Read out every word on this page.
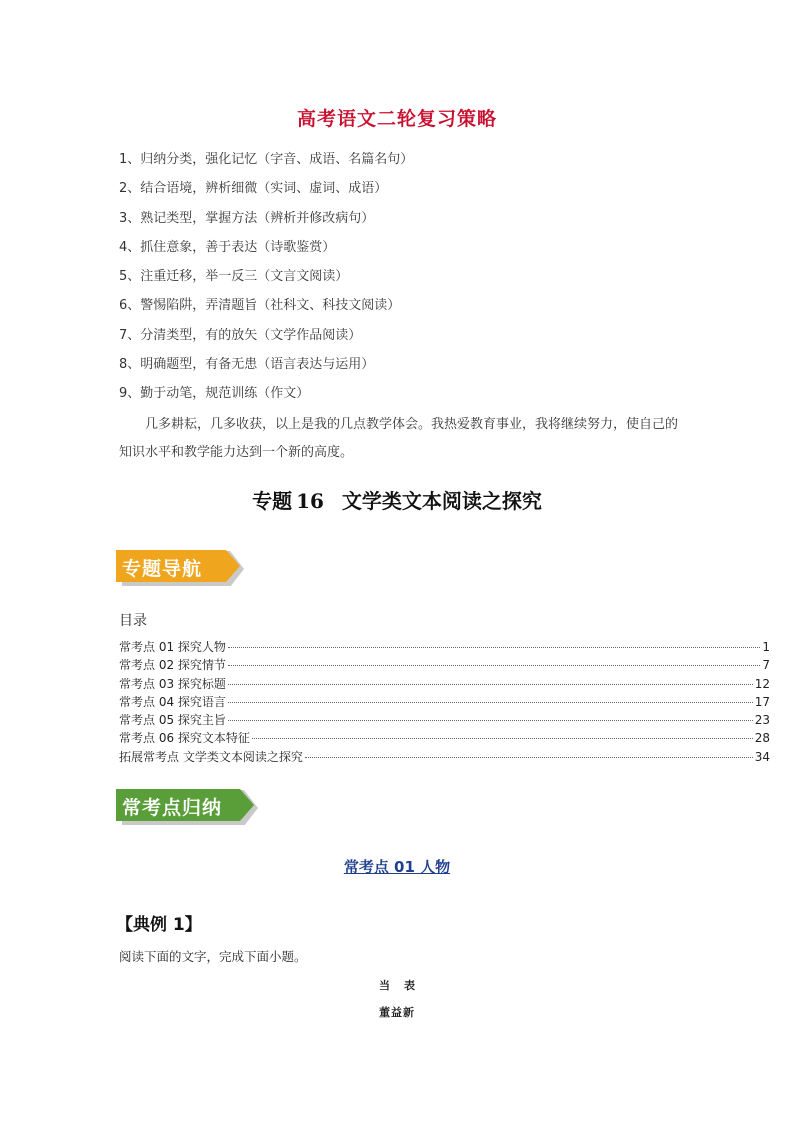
高考语文二轮复习策略
1、归纳分类，强化记忆（字音、成语、名篇名句）
2、结合语境，辨析细微（实词、虚词、成语）
3、熟记类型，掌握方法（辨析并修改病句）
4、抓住意象，善于表达（诗歌鉴赏）
5、注重迁移，举一反三（文言文阅读）
6、警惕陷阱，弄清题旨（社科文、科技文阅读）
7、分清类型，有的放矢（文学作品阅读）
8、明确题型，有备无患（语言表达与运用）
9、勤于动笔，规范训练（作文）
几多耕耘，几多收获，以上是我的几点教学体会。我热爱教育事业，我将继续努力，使自己的知识水平和教学能力达到一个新的高度。
专题 16 文学类文本阅读之探究
专题导航
目录
常考点 01 探究人物	1
常考点 02 探究情节	7
常考点 03 探究标题	12
常考点 04 探究语言	17
常考点 05 探究主旨	23
常考点 06 探究文本特征	28
拓展常考点 文学类文本阅读之探究	34
常考点归纳
常考点 01 人物
【典例 1】
阅读下面的文字，完成下面小题。
当表
董益新
